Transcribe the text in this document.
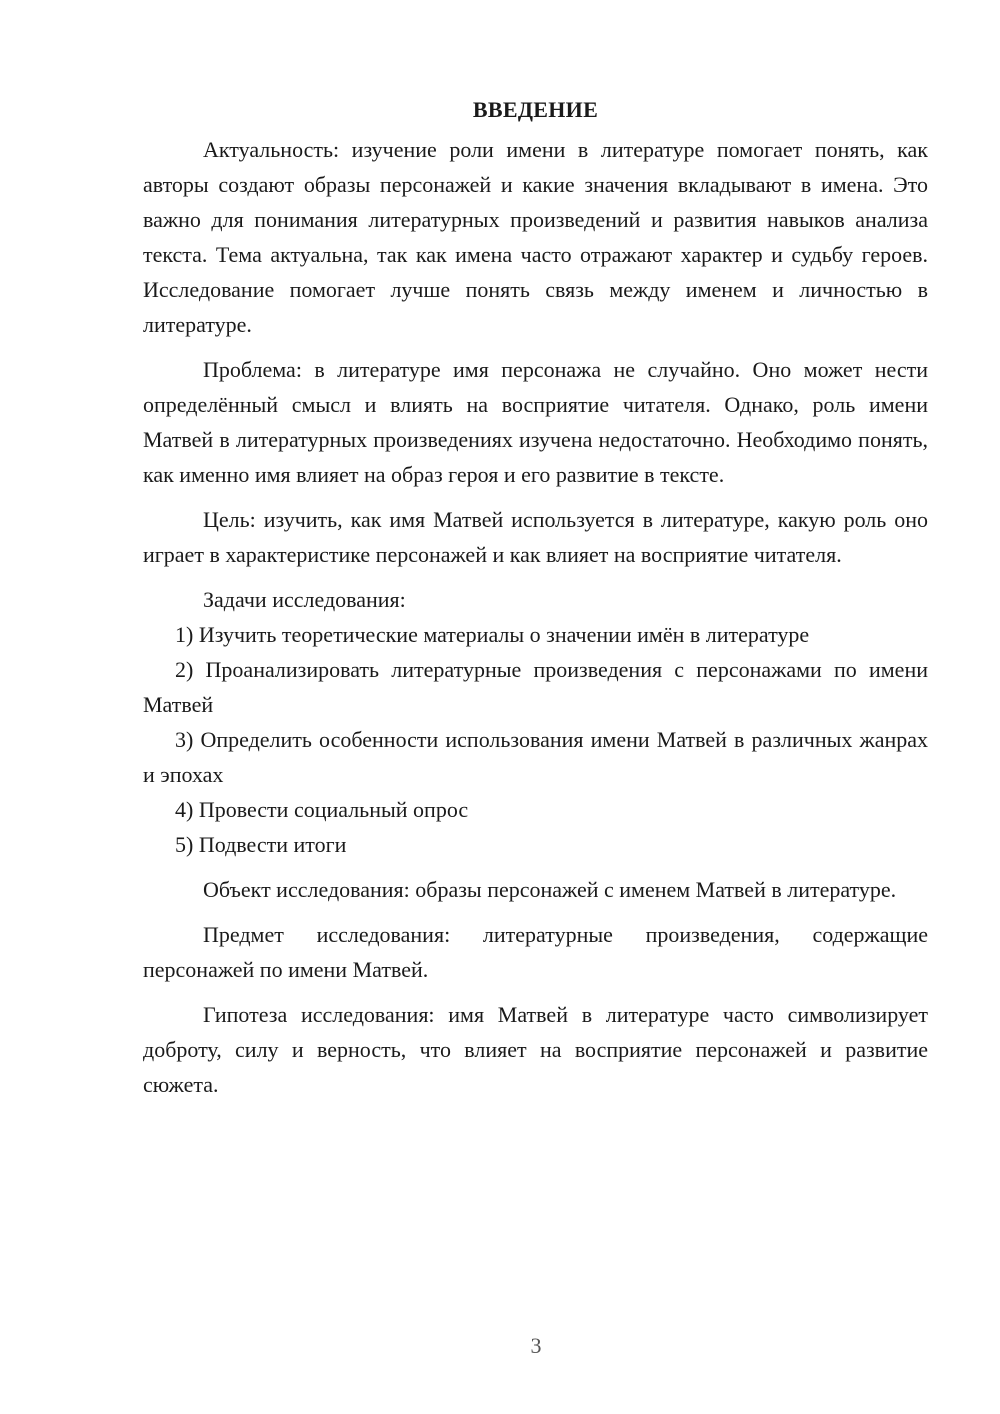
ВВЕДЕНИЕ

Актуальность: изучение роли имени в литературе помогает понять, как авторы создают образы персонажей и какие значения вкладывают в имена. Это важно для понимания литературных произведений и развития навыков анализа текста. Тема актуальна, так как имена часто отражают характер и судьбу героев. Исследование помогает лучше понять связь между именем и личностью в литературе.

Проблема: в литературе имя персонажа не случайно. Оно может нести определённый смысл и влиять на восприятие читателя. Однако, роль имени Матвей в литературных произведениях изучена недостаточно. Необходимо понять, как именно имя влияет на образ героя и его развитие в тексте.

Цель: изучить, как имя Матвей используется в литературе, какую роль оно играет в характеристике персонажей и как влияет на восприятие читателя.

Задачи исследования:

1) Изучить теоретические материалы о значении имён в литературе

2) Проанализировать литературные произведения с персонажами по имени Матвей

3) Определить особенности использования имени Матвей в различных жанрах и эпохах

4) Провести социальный опрос

5) Подвести итоги

Объект исследования: образы персонажей с именем Матвей в литературе.

Предмет исследования: литературные произведения, содержащие персонажей по имени Матвей.

Гипотеза исследования: имя Матвей в литературе часто символизирует доброту, силу и верность, что влияет на восприятие персонажей и развитие сюжета.

3
